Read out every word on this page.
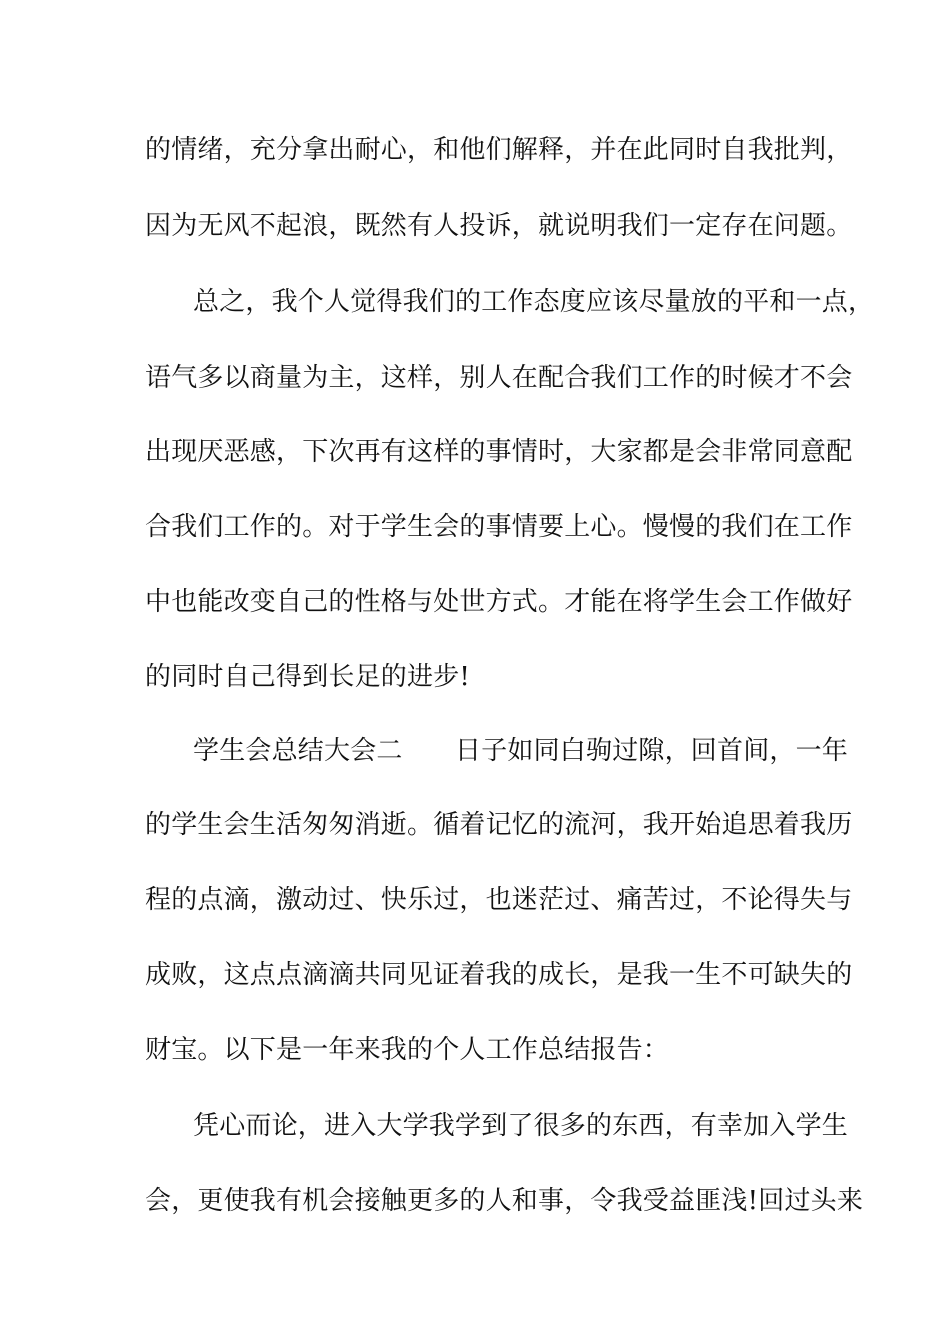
的情绪，充分拿出耐心，和他们解释，并在此同时自我批判，
因为无风不起浪，既然有人投诉，就说明我们一定存在问题。
总之，我个人觉得我们的工作态度应该尽量放的平和一点，
语气多以商量为主，这样，别人在配合我们工作的时候才不会
出现厌恶感，下次再有这样的事情时，大家都是会非常同意配
合我们工作的。对于学生会的事情要上心。慢慢的我们在工作
中也能改变自己的性格与处世方式。才能在将学生会工作做好
的同时自己得到长足的进步!
学生会总结大会二　　日子如同白驹过隙，回首间，一年
的学生会生活匆匆消逝。循着记忆的流河，我开始追思着我历
程的点滴，激动过、快乐过，也迷茫过、痛苦过，不论得失与
成败，这点点滴滴共同见证着我的成长，是我一生不可缺失的
财宝。以下是一年来我的个人工作总结报告：
凭心而论，进入大学我学到了很多的东西，有幸加入学生
会，更使我有机会接触更多的人和事，令我受益匪浅!回过头来
